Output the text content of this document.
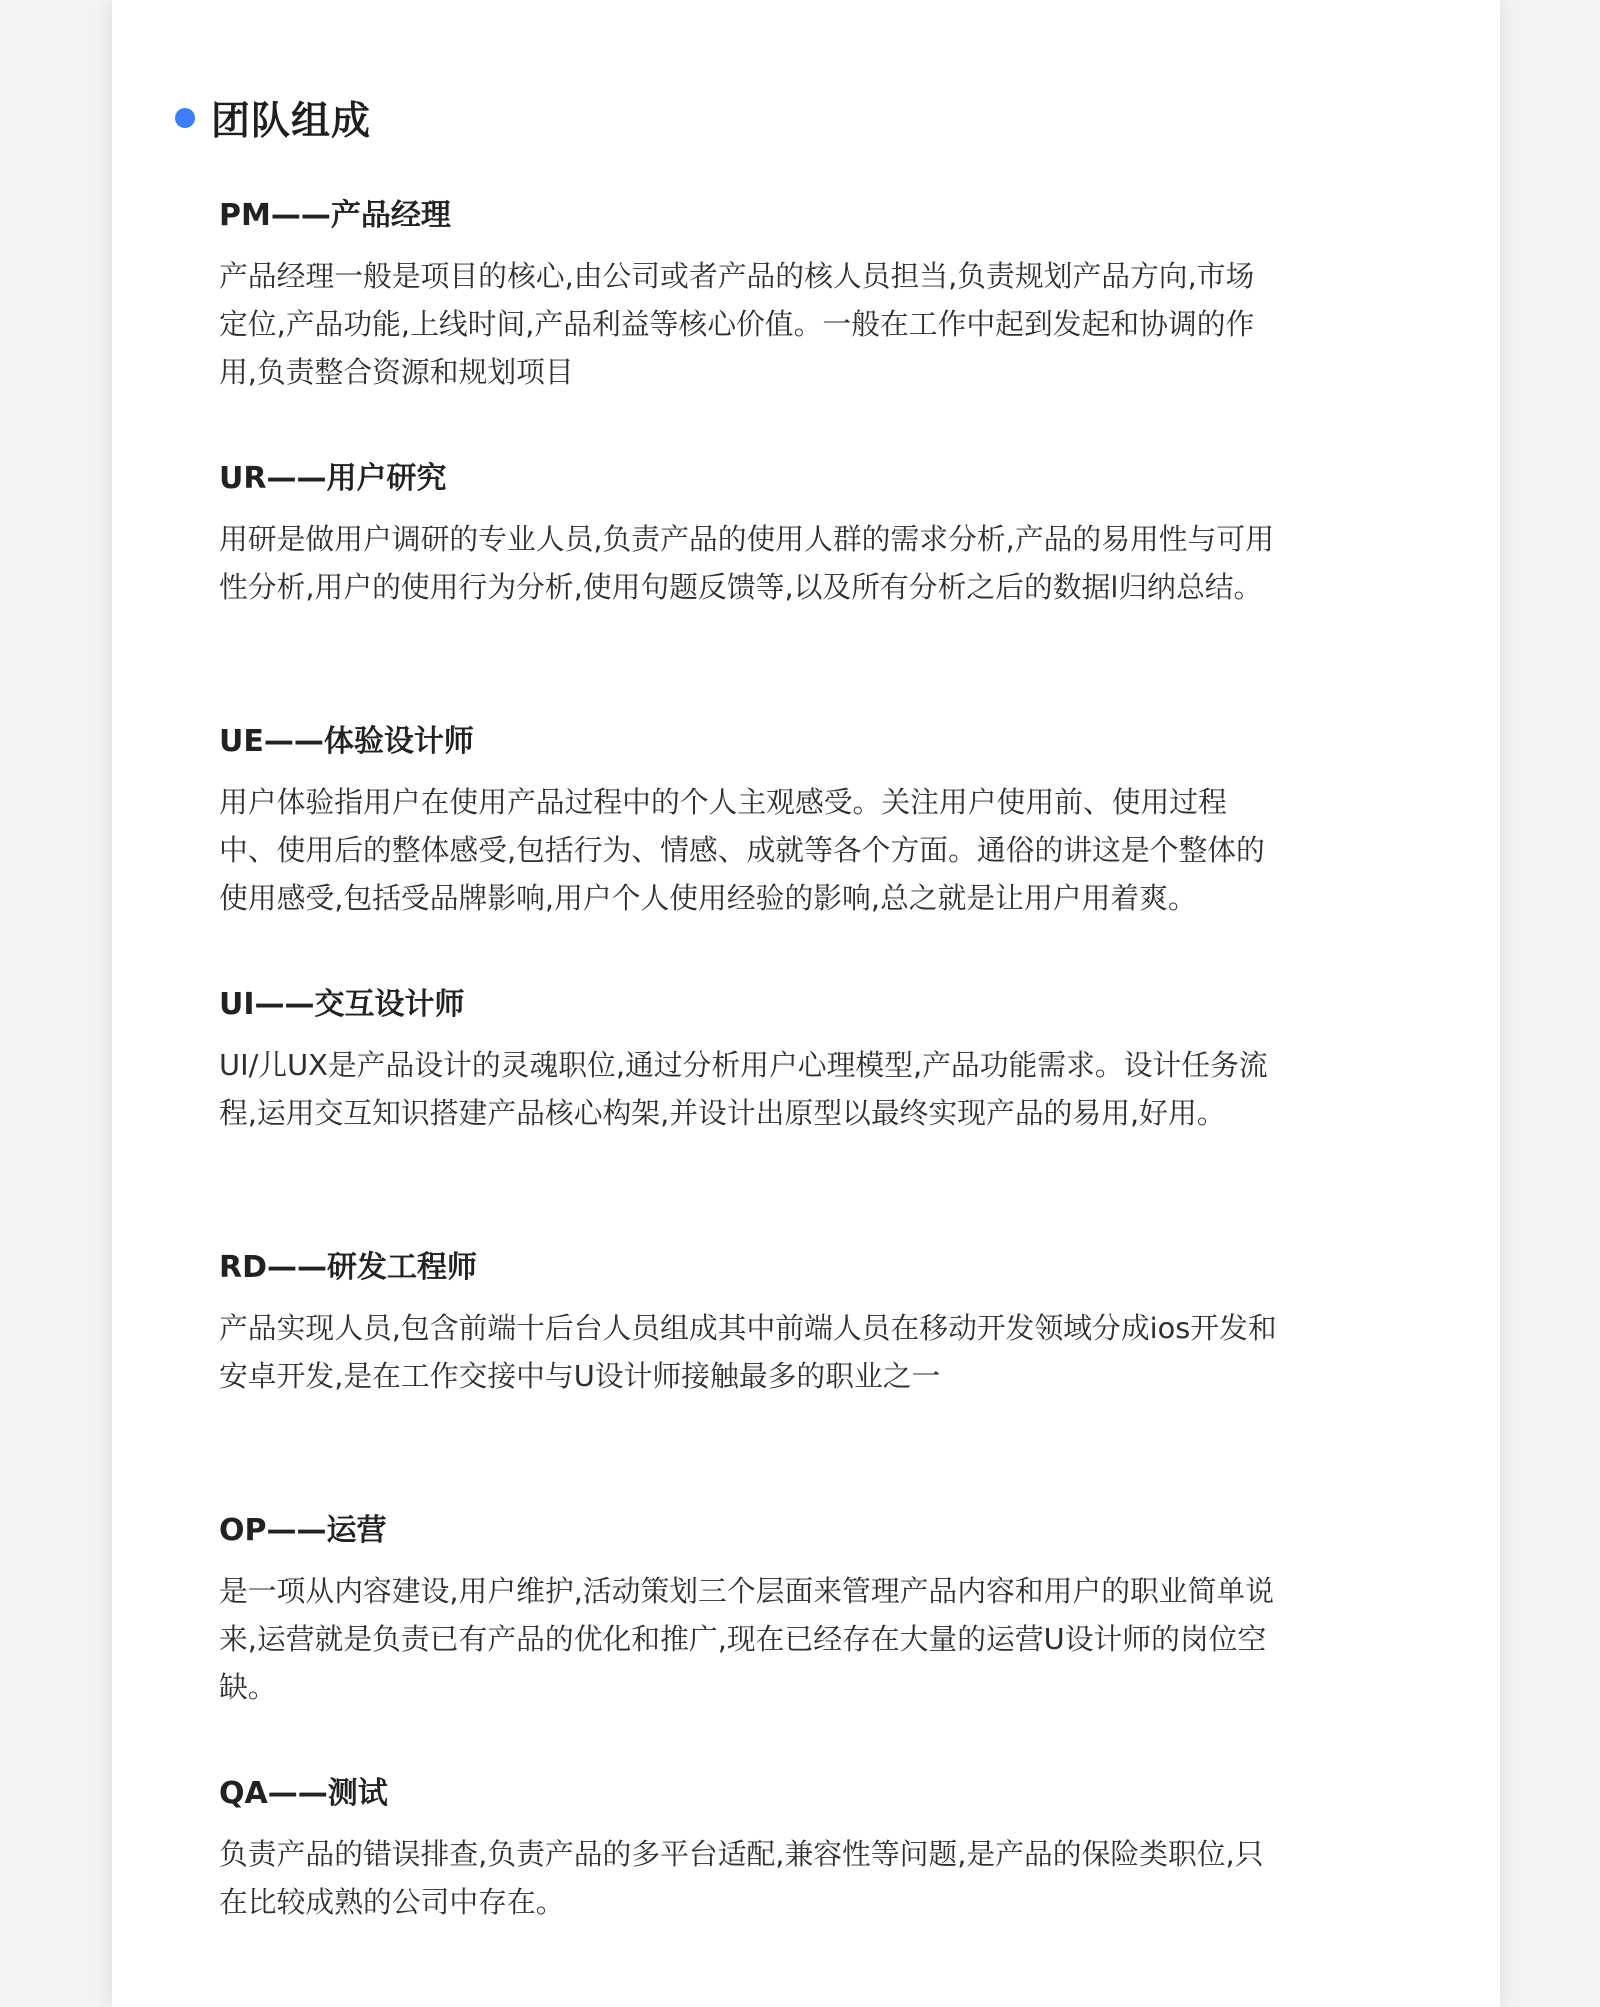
团队组成
PM——产品经理

产品经理一般是项目的核心,由公司或者产品的核人员担当,负责规划产品方向,市场
定位,产品功能,上线时间,产品利益等核心价值。一般在工作中起到发起和协调的作
用,负责整合资源和规划项目

UR——用户研究

用研是做用户调研的专业人员,负责产品的使用人群的需求分析,产品的易用性与可用
性分析,用户的使用行为分析,使用句题反馈等,以及所有分析之后的数据l归纳总结。

UE——体验设计师

用户体验指用户在使用产品过程中的个人主观感受。关注用户使用前、使用过程
中、使用后的整体感受,包括行为、情感、成就等各个方面。通俗的讲这是个整体的
使用感受,包括受品牌影响,用户个人使用经验的影响,总之就是让用户用着爽。

UI——交互设计师

UI/儿UX是产品设计的灵魂职位,通过分析用户心理模型,产品功能需求。设计任务流
程,运用交互知识搭建产品核心构架,并设计出原型以最终实现产品的易用,好用。

RD——研发工程师

产品实现人员,包含前端十后台人员组成其中前端人员在移动开发领域分成ios开发和
安卓开发,是在工作交接中与U设计师接触最多的职业之一

OP——运营

是一项从内容建设,用户维护,活动策划三个层面来管理产品内容和用户的职业简单说
来,运营就是负责已有产品的优化和推广,现在已经存在大量的运营U设计师的岗位空
缺。

QA——测试

负责产品的错误排查,负责产品的多平台适配,兼容性等问题,是产品的保险类职位,只
在比较成熟的公司中存在。
